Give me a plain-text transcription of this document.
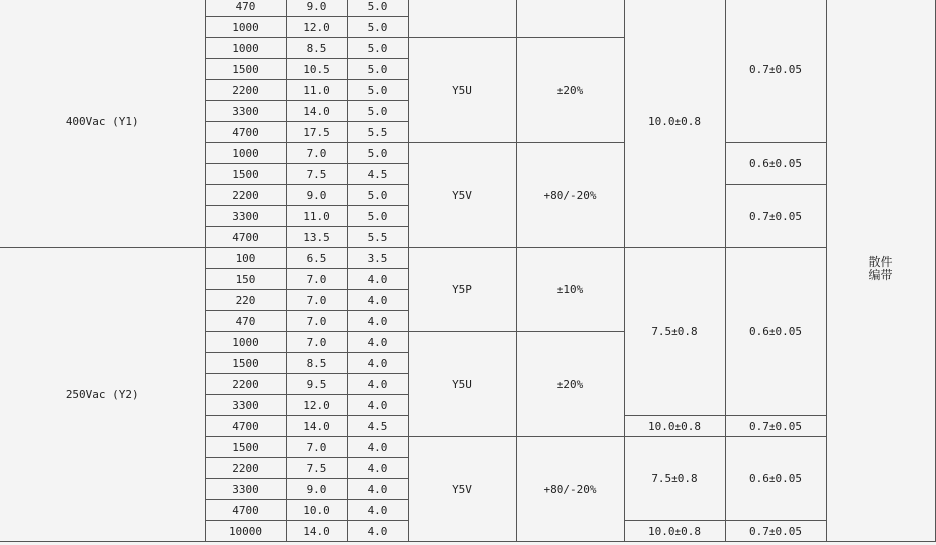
400Vac (Y1)	470	9.0	5.0			10.0±0.8	0.7±0.05	散件
编带
	1000	12.0	5.0					
	1000	8.5	5.0	Y5U	±20%			
	1500	10.5	5.0					
	2200	11.0	5.0					
	3300	14.0	5.0					
	4700	17.5	5.5					
	1000	7.0	5.0	Y5V	+80/-20%		0.6±0.05	
	1500	7.5	4.5					
	2200	9.0	5.0				0.7±0.05	
	3300	11.0	5.0					
	4700	13.5	5.5					
250Vac (Y2)	100	6.5	3.5	Y5P	±10%	7.5±0.8	0.6±0.05	
	150	7.0	4.0					
	220	7.0	4.0					
	470	7.0	4.0					
	1000	7.0	4.0	Y5U	±20%			
	1500	8.5	4.0					
	2200	9.5	4.0					
	3300	12.0	4.0					
	4700	14.0	4.5			10.0±0.8	0.7±0.05	
	1500	7.0	4.0	Y5V	+80/-20%	7.5±0.8	0.6±0.05	
	2200	7.5	4.0					
	3300	9.0	4.0					
	4700	10.0	4.0					
	10000	14.0	4.0			10.0±0.8	0.7±0.05	
